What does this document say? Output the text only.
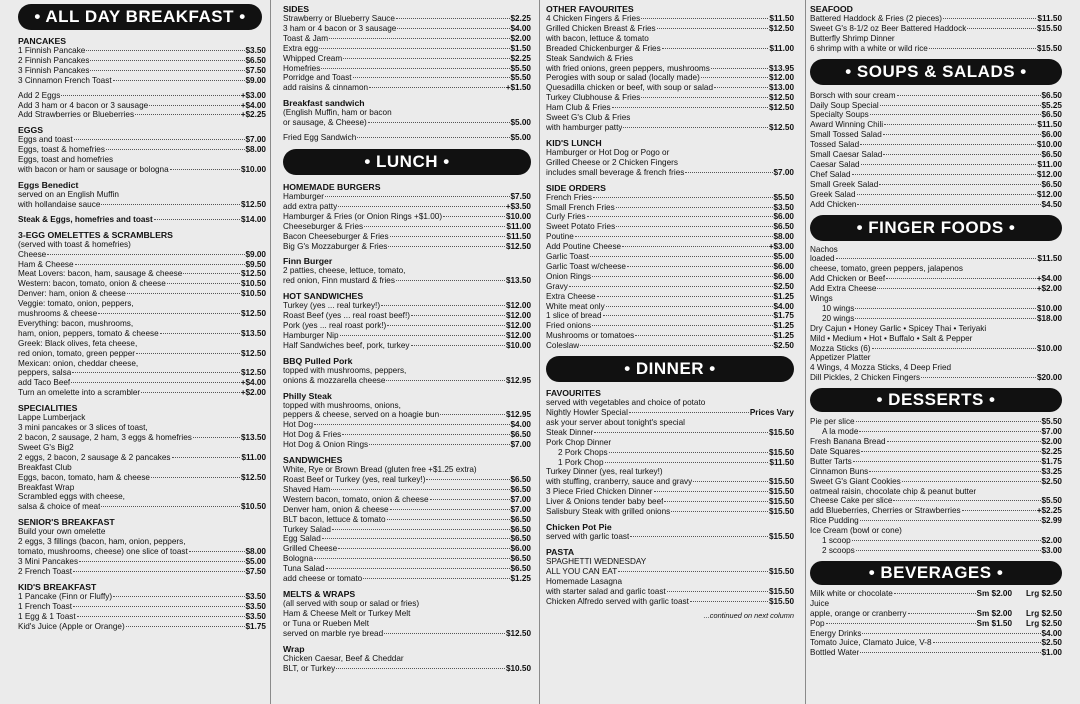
• ALL DAY BREAKFAST •
PANCAKES
1 Finnish Pancake	$3.50
2 Finnish Pancakes	$6.50
3 Finnish Pancakes	$7.50
3 Cinnamon French Toast	$9.00
Add 2 Eggs	+$3.00
Add 3 ham or 4 bacon or 3 sausage	+$4.00
Add Strawberries or Blueberries	+$2.25
EGGS
Eggs and toast	$7.00
Eggs, toast & homefries	$8.00
Eggs, toast and homefries
with bacon or ham or sausage or bologna	$10.00
Eggs Benedict
served on an English Muffin
with hollandaise sauce	$12.50
Steak & Eggs, homefries and toast	$14.00
3-EGG OMELETTES & SCRAMBLERS
(served with toast & homefries)
Cheese	$9.00
Ham & Cheese	$9.50
Meat Lovers: bacon, ham, sausage & cheese	$12.50
Western: bacon, tomato, onion & cheese	$10.50
Denver: ham, onion & cheese	$10.50
Veggie: tomato, onion, peppers,
mushrooms & cheese	$12.50
Everything: bacon, mushrooms,
ham, onion, peppers, tomato & cheese	$13.50
Greek: Black olives, feta cheese,
red onion, tomato, green pepper	$12.50
Mexican: onion, cheddar cheese,
peppers, salsa	$12.50
add Taco Beef	+$4.00
Turn an omelette into a scrambler	+$2.00
SPECIALITIES
Lappe Lumberjack
3 mini pancakes or 3 slices of toast,
2 bacon, 2 sausage, 2 ham, 3 eggs & homefries	$13.50
Sweet G's Big2
2 eggs, 2 bacon, 2 sausage & 2 pancakes	$11.00
Breakfast Club
Eggs, bacon, tomato, ham & cheese	$12.50
Breakfast Wrap
Scrambled eggs with cheese,
salsa & choice of meat	$10.50
SENIOR'S BREAKFAST
Build your own omelette
2 eggs, 3 fillings (bacon, ham, onion, peppers,
tomato, mushrooms, cheese) one slice of toast	$8.00
3 Mini Pancakes	$5.00
2 French Toast	$7.50
KID'S BREAKFAST
1 Pancake (Finn or Fluffy)	$3.50
1 French Toast	$3.50
1 Egg & 1 Toast	$3.50
Kid's Juice (Apple or Orange)	$1.75
SIDES
Strawberry or Blueberry Sauce	$2.25
3 ham or 4 bacon or 3 sausage	$4.00
Toast & Jam	$2.00
Extra egg	$1.50
Whipped Cream	$2.25
Homefries	$5.50
Porridge and Toast	$5.50
add raisins & cinnamon	+$1.50
Breakfast sandwich
(English Muffin, ham or bacon
or sausage, & Cheese)	$5.00
Fried Egg Sandwich	$5.00
• LUNCH •
HOMEMADE BURGERS
Hamburger	$7.50
add extra patty	+$3.50
Hamburger & Fries (or Onion Rings +$1.00)	$10.00
Cheeseburger & Fries	$11.00
Bacon Cheeseburger & Fries	$11.50
Big G's Mozzaburger & Fries	$12.50
Finn Burger
2 patties, cheese, lettuce, tomato,
red onion, Finn mustard & fries	$13.50
HOT SANDWICHES
Turkey (yes ... real turkey!)	$12.00
Roast Beef (yes ... real roast beef!)	$12.00
Pork (yes ... real roast pork!)	$12.00
Hamburger Nip	$12.00
Half Sandwiches beef, pork, turkey	$10.00
BBQ Pulled Pork
topped with mushrooms, peppers,
onions & mozzarella cheese	$12.95
Philly Steak
topped with mushrooms, onions,
peppers & cheese, served on a hoagie bun	$12.95
Hot Dog	$4.00
Hot Dog & Fries	$6.50
Hot Dog & Onion Rings	$7.00
SANDWICHES
White, Rye or Brown Bread (gluten free +$1.25 extra)
Roast Beef or Turkey (yes, real turkey!)	$6.50
Shaved Ham	$6.50
Western bacon, tomato, onion & cheese	$7.00
Denver ham, onion & cheese	$7.00
BLT bacon, lettuce & tomato	$6.50
Turkey Salad	$6.50
Egg Salad	$6.50
Grilled Cheese	$6.00
Bologna	$6.50
Tuna Salad	$6.50
add cheese or tomato	$1.25
MELTS & WRAPS
(all served with soup or salad or fries)
Ham & Cheese Melt or Turkey Melt
or Tuna or Rueben Melt
served on marble rye bread	$12.50
Wrap
Chicken Caesar, Beef & Cheddar
BLT, or Turkey	$10.50
OTHER FAVOURITES
4 Chicken Fingers & Fries	$11.50
Grilled Chicken Breast & Fries	$12.50
with bacon, lettuce & tomato
Breaded Chickenburger & Fries	$11.00
Steak Sandwich & Fries
with fried onions, green peppers, mushrooms	$13.95
Perogies with soup or salad (locally made)	$12.00
Quesadilla chicken or beef, with soup or salad	$13.00
Turkey Clubhouse & Fries	$12.50
Ham Club & Fries	$12.50
Sweet G's Club & Fries
with hamburger patty	$12.50
KID'S LUNCH
Hamburger or Hot Dog or Pogo or
Grilled Cheese or 2 Chicken Fingers
includes small beverage & french fries	$7.00
SIDE ORDERS
French Fries	$5.50
Small French Fries	$3.50
Curly Fries	$6.00
Sweet Potato Fries	$6.50
Poutine	$8.00
Add Poutine Cheese	+$3.00
Garlic Toast	$5.00
Garlic Toast w/cheese	$6.00
Onion Rings	$6.00
Gravy	$2.50
Extra Cheese	$1.25
White meat only	$4.00
1 slice of bread	$1.75
Fried onions	$1.25
Mushrooms or tomatoes	$1.25
Coleslaw	$2.50
• DINNER •
FAVOURITES
served with vegetables and choice of potato
Nightly Howler Special	Prices Vary
ask your server about tonight's special
Steak Dinner	$15.50
Pork Chop Dinner
2 Pork Chops	$15.50
1 Pork Chop	$11.50
Turkey Dinner (yes, real turkey!)
with stuffing, cranberry, sauce and gravy	$15.50
3 Piece Fried Chicken Dinner	$15.50
Liver & Onions tender baby beef	$15.50
Salisbury Steak with grilled onions	$15.50
Chicken Pot Pie
served with garlic toast	$15.50
PASTA
SPAGHETTI WEDNESDAY
ALL YOU CAN EAT	$15.50
Homemade Lasagna
with starter salad and garlic toast	$15.50
Chicken Alfredo served with garlic toast	$15.50
...continued on next column
SEAFOOD
Battered Haddock & Fries (2 pieces)	$11.50
Sweet G's 8-1/2 oz Beer Battered Haddock	$15.50
Butterfly Shrimp Dinner
6 shrimp with a white or wild rice	$15.50
• SOUPS & SALADS •
Borsch with sour cream	$6.50
Daily Soup Special	$5.25
Specialty Soups	$6.50
Award Winning Chili	$11.50
Small Tossed Salad	$6.00
Tossed Salad	$10.00
Small Caesar Salad	$6.50
Caesar Salad	$11.00
Chef Salad	$12.00
Small Greek Salad	$6.50
Greek Salad	$12.00
Add Chicken	$4.50
• FINGER FOODS •
Nachos
loaded	$11.50
cheese, tomato, green peppers, jalapenos
Add Chicken or Beef	+$4.00
Add Extra Cheese	+$2.00
Wings
10 wings	$10.00
20 wings	$18.00
Dry Cajun • Honey Garlic • Spicey Thai • Teriyaki
Mild • Medium • Hot • Buffalo • Salt & Pepper
Mozza Sticks (6)	$10.00
Appetizer Platter
4 Wings, 4 Mozza Sticks, 4 Deep Fried
Dill Pickles, 2 Chicken Fingers	$20.00
• DESSERTS •
Pie per slice	$5.50
A la mode	$7.00
Fresh Banana Bread	$2.00
Date Squares	$2.25
Butter Tarts	$1.75
Cinnamon Buns	$3.25
Sweet G's Giant Cookies	$2.50
oatmeal raisin, chocolate chip & peanut butter
Cheese Cake per slice	$5.50
add Blueberries, Cherries or Strawberries	+$2.25
Rice Pudding	$2.99
Ice Cream (bowl or cone)
1 scoop	$2.00
2 scoops	$3.00
• BEVERAGES •
Milk white or chocolate	Sm $2.00 Lrg $2.50
Juice
apple, orange or cranberry	Sm $2.00 Lrg $2.50
Pop	Sm $1.50 Lrg $2.50
Energy Drinks	$4.00
Tomato Juice, Clamato Juice, V-8	$2.50
Bottled Water	$1.00
